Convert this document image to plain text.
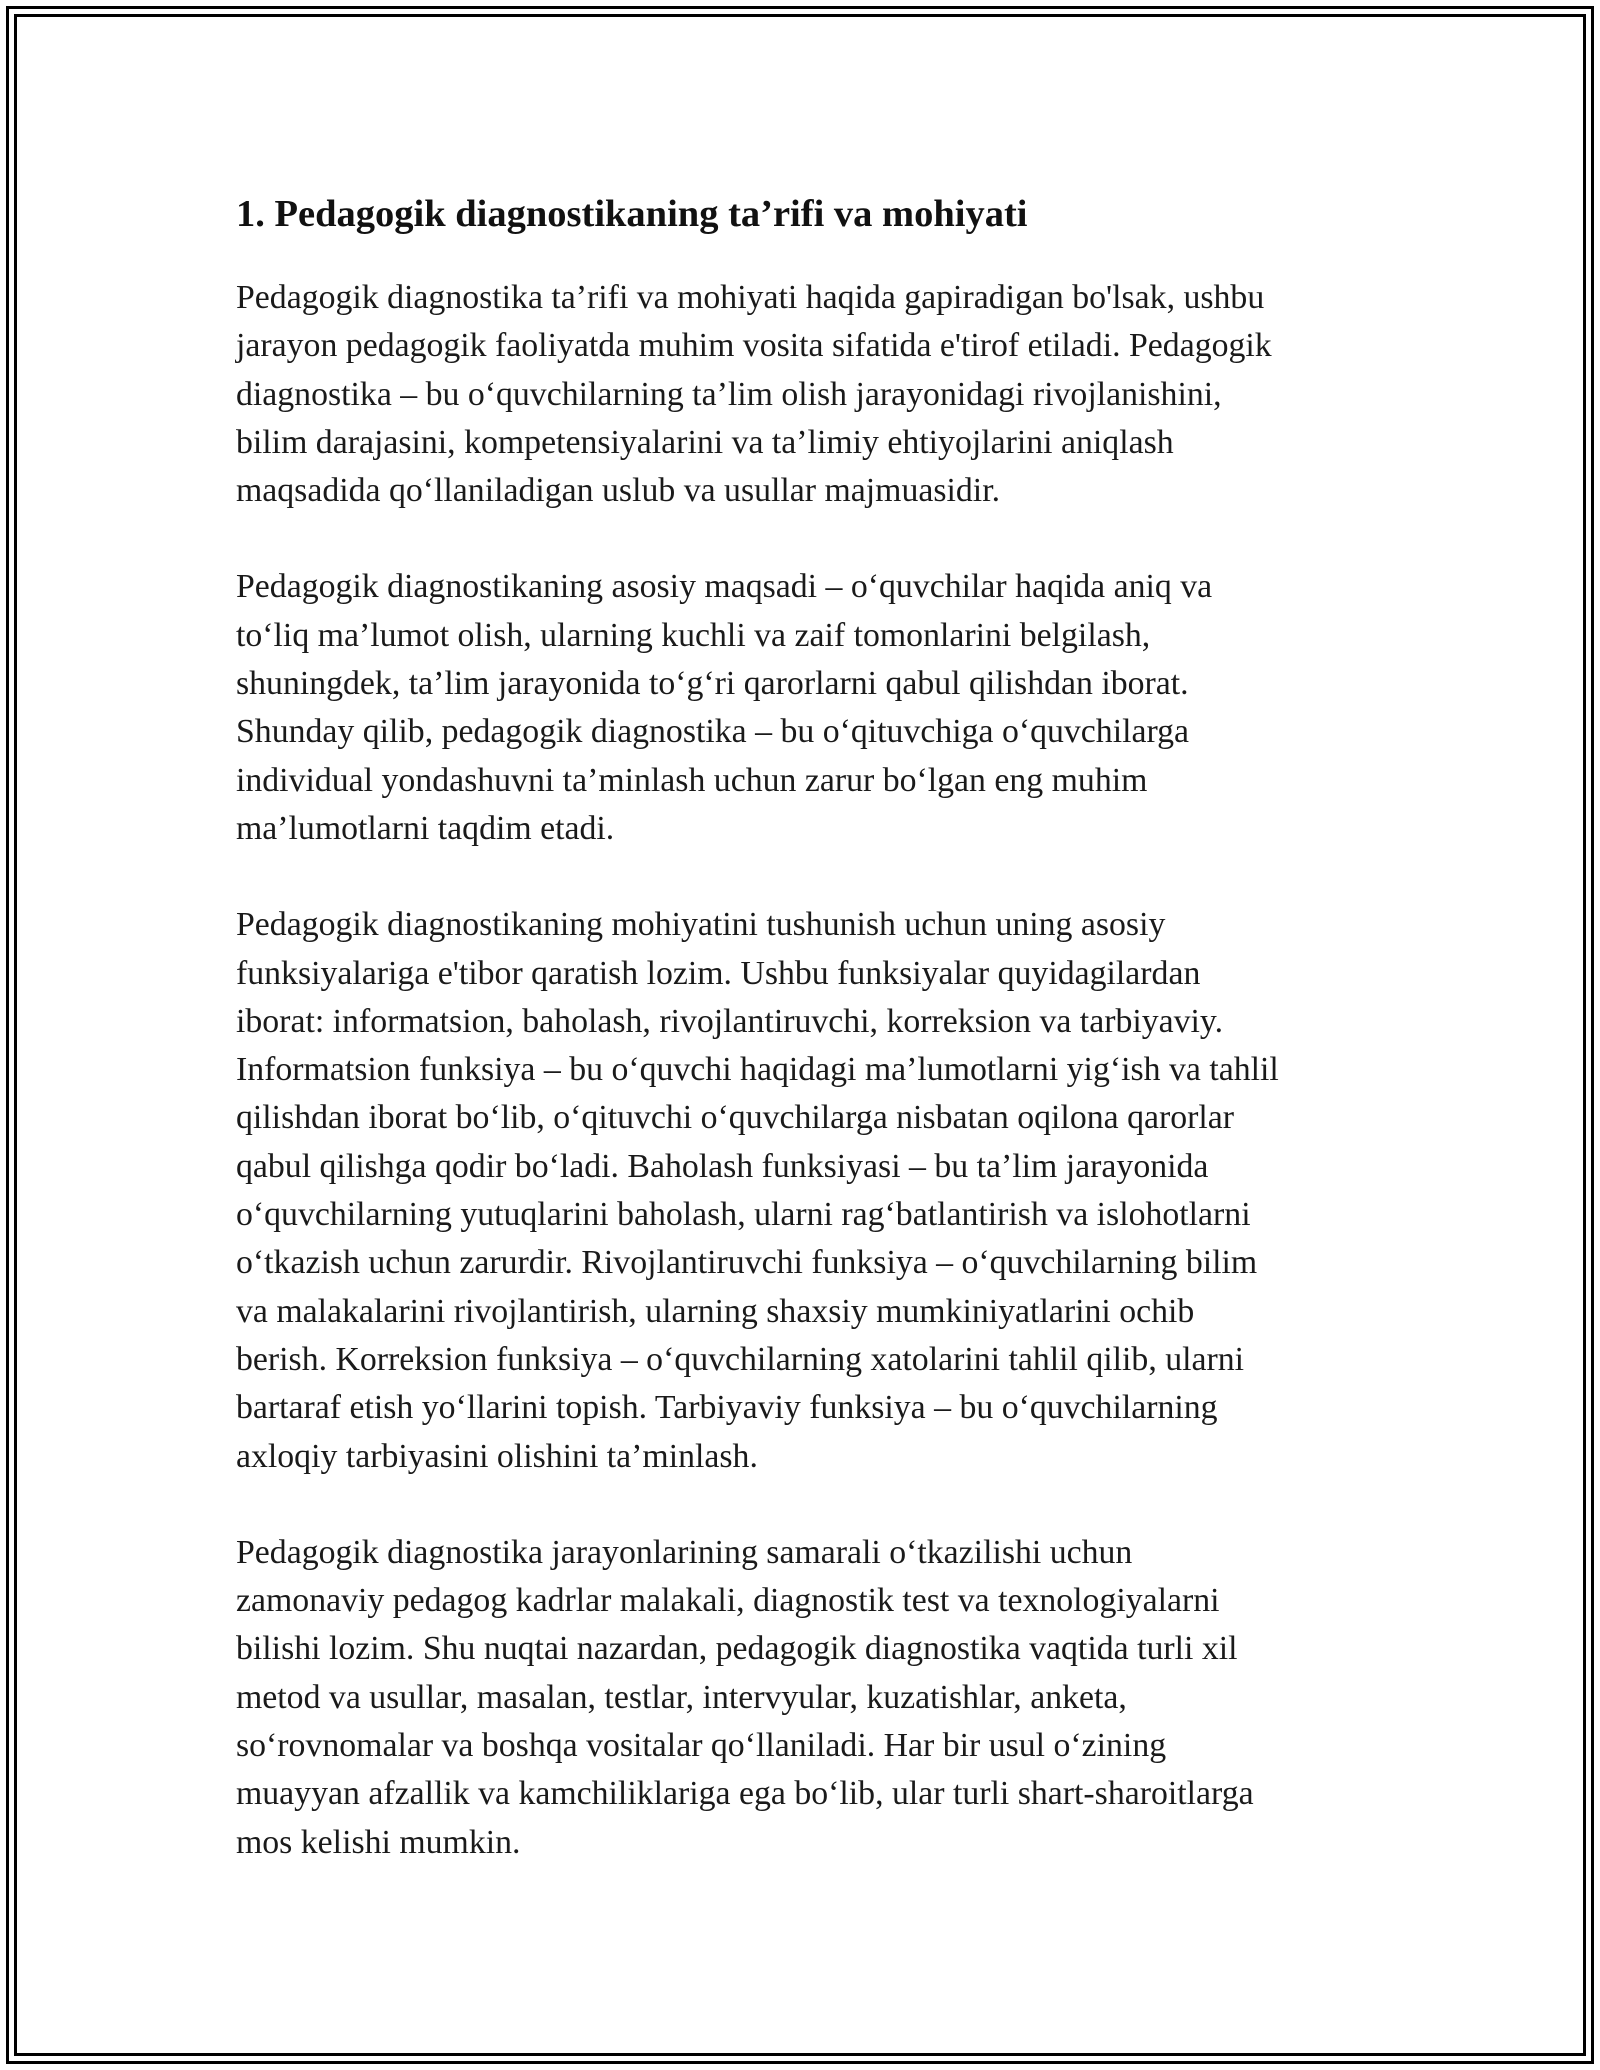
1. Pedagogik diagnostikaning ta’rifi va mohiyati

Pedagogik diagnostika ta’rifi va mohiyati haqida gapiradigan bo'lsak, ushbu
jarayon pedagogik faoliyatda muhim vosita sifatida e'tirof etiladi. Pedagogik
diagnostika – bu o‘quvchilarning ta’lim olish jarayonidagi rivojlanishini,
bilim darajasini, kompetensiyalarini va ta’limiy ehtiyojlarini aniqlash
maqsadida qo‘llaniladigan uslub va usullar majmuasidir.

Pedagogik diagnostikaning asosiy maqsadi – o‘quvchilar haqida aniq va
to‘liq ma’lumot olish, ularning kuchli va zaif tomonlarini belgilash,
shuningdek, ta’lim jarayonida to‘g‘ri qarorlarni qabul qilishdan iborat.
Shunday qilib, pedagogik diagnostika – bu o‘qituvchiga o‘quvchilarga
individual yondashuvni ta’minlash uchun zarur bo‘lgan eng muhim
ma’lumotlarni taqdim etadi.

Pedagogik diagnostikaning mohiyatini tushunish uchun uning asosiy
funksiyalariga e'tibor qaratish lozim. Ushbu funksiyalar quyidagilardan
iborat: informatsion, baholash, rivojlantiruvchi, korreksion va tarbiyaviy.
Informatsion funksiya – bu o‘quvchi haqidagi ma’lumotlarni yig‘ish va tahlil
qilishdan iborat bo‘lib, o‘qituvchi o‘quvchilarga nisbatan oqilona qarorlar
qabul qilishga qodir bo‘ladi. Baholash funksiyasi – bu ta’lim jarayonida
o‘quvchilarning yutuqlarini baholash, ularni rag‘batlantirish va islohotlarni
o‘tkazish uchun zarurdir. Rivojlantiruvchi funksiya – o‘quvchilarning bilim
va malakalarini rivojlantirish, ularning shaxsiy mumkiniyatlarini ochib
berish. Korreksion funksiya – o‘quvchilarning xatolarini tahlil qilib, ularni
bartaraf etish yo‘llarini topish. Tarbiyaviy funksiya – bu o‘quvchilarning
axloqiy tarbiyasini olishini ta’minlash.

Pedagogik diagnostika jarayonlarining samarali o‘tkazilishi uchun
zamonaviy pedagog kadrlar malakali, diagnostik test va texnologiyalarni
bilishi lozim. Shu nuqtai nazardan, pedagogik diagnostika vaqtida turli xil
metod va usullar, masalan, testlar, intervyular, kuzatishlar, anketa,
so‘rovnomalar va boshqa vositalar qo‘llaniladi. Har bir usul o‘zining
muayyan afzallik va kamchiliklariga ega bo‘lib, ular turli shart-sharoitlarga
mos kelishi mumkin.
